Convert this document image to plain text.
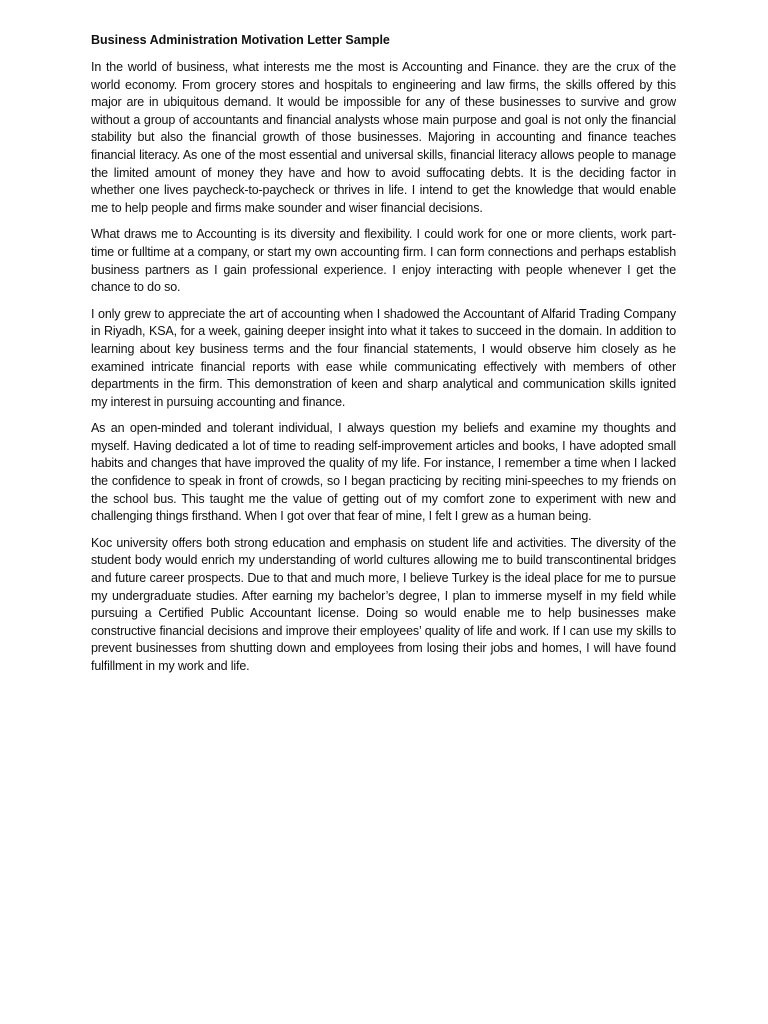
Business Administration Motivation Letter Sample

In the world of business, what interests me the most is Accounting and Finance. they are the crux of the world economy. From grocery stores and hospitals to engineering and law firms, the skills offered by this major are in ubiquitous demand. It would be impossible for any of these businesses to survive and grow without a group of accountants and financial analysts whose main purpose and goal is not only the financial stability but also the financial growth of those businesses. Majoring in accounting and finance teaches financial literacy. As one of the most essential and universal skills, financial literacy allows people to manage the limited amount of money they have and how to avoid suffocating debts. It is the deciding factor in whether one lives paycheck-to-paycheck or thrives in life. I intend to get the knowledge that would enable me to help people and firms make sounder and wiser financial decisions.

What draws me to Accounting is its diversity and flexibility. I could work for one or more clients, work part-time or fulltime at a company, or start my own accounting firm. I can form connections and perhaps establish business partners as I gain professional experience. I enjoy interacting with people whenever I get the chance to do so.

I only grew to appreciate the art of accounting when I shadowed the Accountant of Alfarid Trading Company in Riyadh, KSA, for a week, gaining deeper insight into what it takes to succeed in the domain. In addition to learning about key business terms and the four financial statements, I would observe him closely as he examined intricate financial reports with ease while communicating effectively with members of other departments in the firm. This demonstration of keen and sharp analytical and communication skills ignited my interest in pursuing accounting and finance.

As an open-minded and tolerant individual, I always question my beliefs and examine my thoughts and myself. Having dedicated a lot of time to reading self-improvement articles and books, I have adopted small habits and changes that have improved the quality of my life. For instance, I remember a time when I lacked the confidence to speak in front of crowds, so I began practicing by reciting mini-speeches to my friends on the school bus. This taught me the value of getting out of my comfort zone to experiment with new and challenging things firsthand. When I got over that fear of mine, I felt I grew as a human being.

Koc university offers both strong education and emphasis on student life and activities. The diversity of the student body would enrich my understanding of world cultures allowing me to build transcontinental bridges and future career prospects. Due to that and much more, I believe Turkey is the ideal place for me to pursue my undergraduate studies. After earning my bachelor’s degree, I plan to immerse myself in my field while pursuing a Certified Public Accountant license. Doing so would enable me to help businesses make constructive financial decisions and improve their employees’ quality of life and work. If I can use my skills to prevent businesses from shutting down and employees from losing their jobs and homes, I will have found fulfillment in my work and life.
